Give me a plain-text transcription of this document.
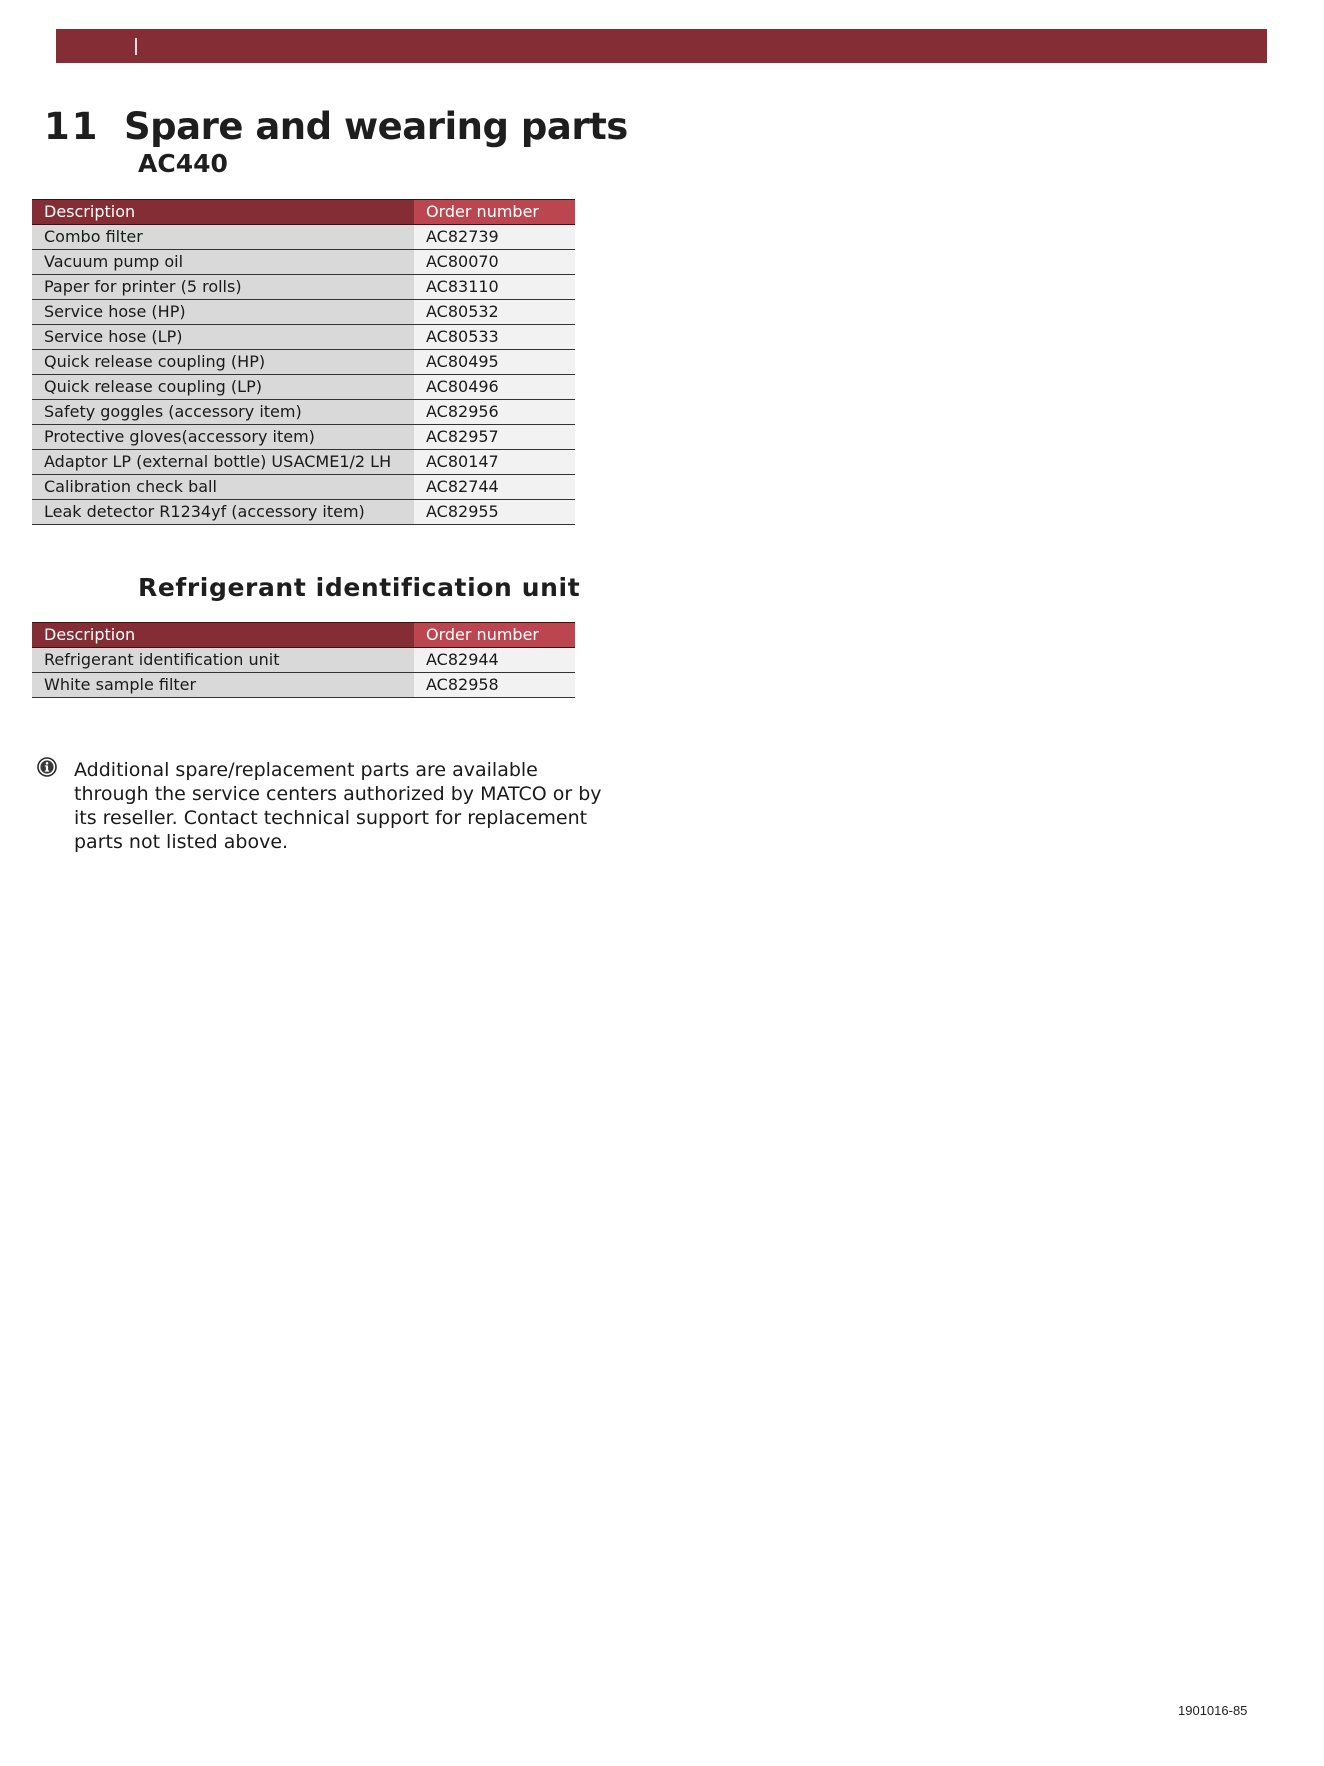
11 Spare and wearing parts
AC440
Description	Order number
Combo filter	AC82739
Vacuum pump oil	AC80070
Paper for printer (5 rolls)	AC83110
Service hose (HP)	AC80532
Service hose (LP)	AC80533
Quick release coupling (HP)	AC80495
Quick release coupling (LP)	AC80496
Safety goggles (accessory item)	AC82956
Protective gloves(accessory item)	AC82957
Adaptor LP (external bottle) USACME1/2 LH	AC80147
Calibration check ball	AC82744
Leak detector R1234yf (accessory item)	AC82955
Refrigerant identification unit
Description	Order number
Refrigerant identification unit	AC82944
White sample filter	AC82958

Additional spare/replacement parts are available through the service centers authorized by MATCO or by its reseller. Contact technical support for replacement parts not listed above.

1901016-85
